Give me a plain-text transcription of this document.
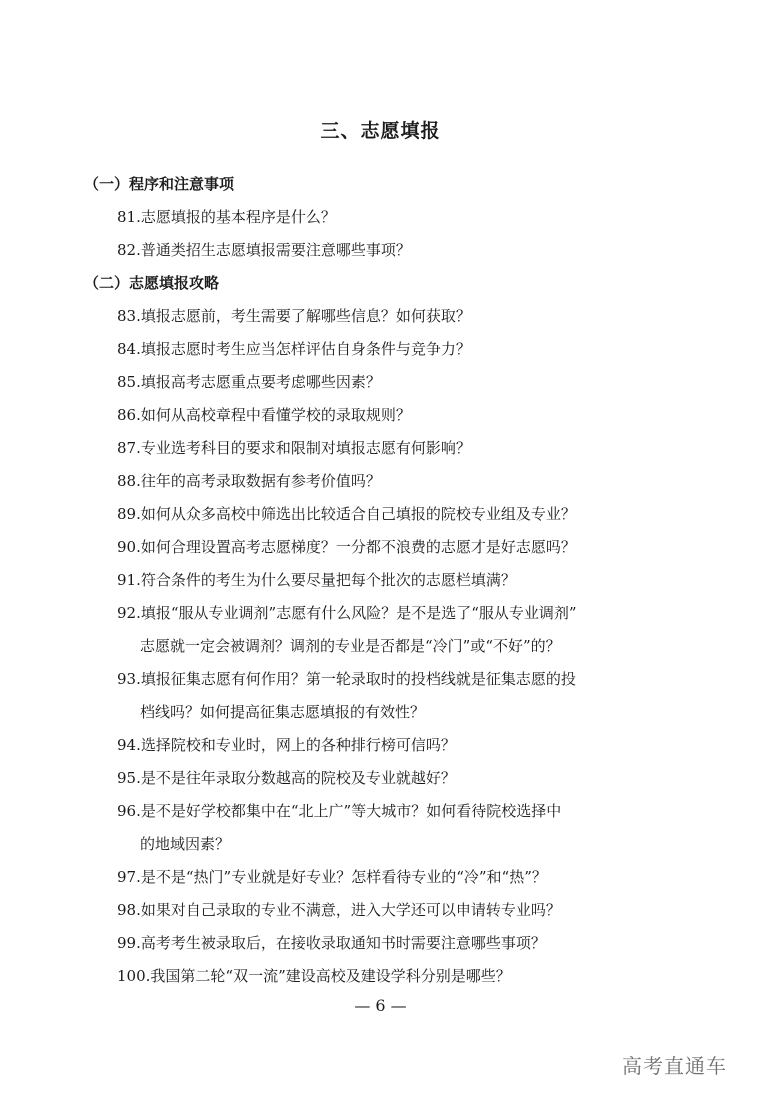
三、志愿填报
（一）程序和注意事项
81.志愿填报的基本程序是什么？
82.普通类招生志愿填报需要注意哪些事项？
（二）志愿填报攻略
83.填报志愿前，考生需要了解哪些信息？如何获取？
84.填报志愿时考生应当怎样评估自身条件与竞争力？
85.填报高考志愿重点要考虑哪些因素？
86.如何从高校章程中看懂学校的录取规则？
87.专业选考科目的要求和限制对填报志愿有何影响？
88.往年的高考录取数据有参考价值吗？
89.如何从众多高校中筛选出比较适合自己填报的院校专业组及专业？
90.如何合理设置高考志愿梯度？一分都不浪费的志愿才是好志愿吗？
91.符合条件的考生为什么要尽量把每个批次的志愿栏填满？
92.填报“服从专业调剂”志愿有什么风险？是不是选了“服从专业调剂”
志愿就一定会被调剂？调剂的专业是否都是“冷门”或“不好”的？
93.填报征集志愿有何作用？第一轮录取时的投档线就是征集志愿的投
档线吗？如何提高征集志愿填报的有效性？
94.选择院校和专业时，网上的各种排行榜可信吗？
95.是不是往年录取分数越高的院校及专业就越好？
96.是不是好学校都集中在“北上广”等大城市？如何看待院校选择中
的地域因素？
97.是不是“热门”专业就是好专业？怎样看待专业的“冷”和“热”？
98.如果对自己录取的专业不满意，进入大学还可以申请转专业吗？
99.高考考生被录取后，在接收录取通知书时需要注意哪些事项？
100.我国第二轮“双一流”建设高校及建设学科分别是哪些？
— 6 —
高考直通车
